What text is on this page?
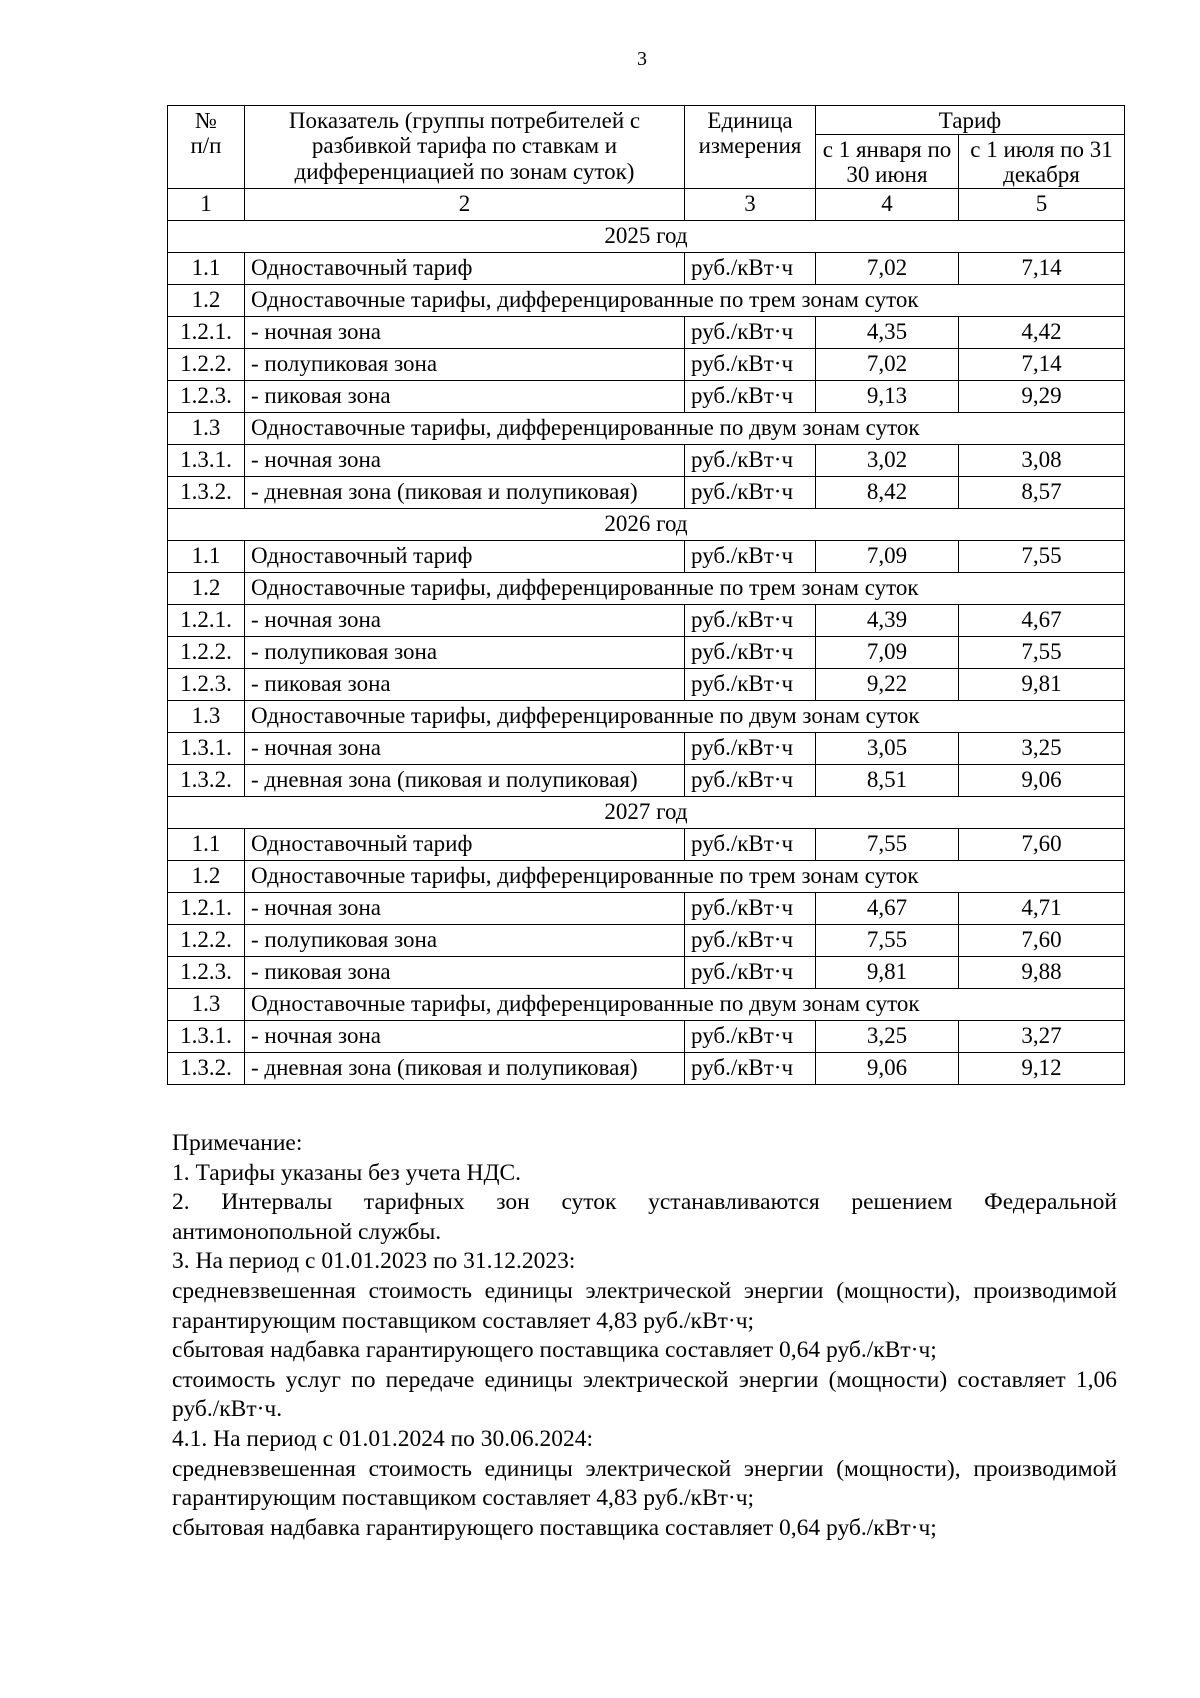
3
№
п/п	Показатель (группы потребителей с разбивкой тарифа по ставкам и дифференциацией по зонам суток)	Единица измерения	Тариф	
			с 1 января по 30 июня	с 1 июля по 31 декабря
1	2	3	4	5
2025 год				
1.1	Одноставочный тариф	руб./кВт·ч	7,02	7,14
1.2	Одноставочные тарифы, дифференцированные по трем зонам суток			
1.2.1.	- ночная зона	руб./кВт·ч	4,35	4,42
1.2.2.	- полупиковая зона	руб./кВт·ч	7,02	7,14
1.2.3.	- пиковая зона	руб./кВт·ч	9,13	9,29
1.3	Одноставочные тарифы, дифференцированные по двум зонам суток			
1.3.1.	- ночная зона	руб./кВт·ч	3,02	3,08
1.3.2.	- дневная зона (пиковая и полупиковая)	руб./кВт·ч	8,42	8,57
2026 год				
1.1	Одноставочный тариф	руб./кВт·ч	7,09	7,55
1.2	Одноставочные тарифы, дифференцированные по трем зонам суток			
1.2.1.	- ночная зона	руб./кВт·ч	4,39	4,67
1.2.2.	- полупиковая зона	руб./кВт·ч	7,09	7,55
1.2.3.	- пиковая зона	руб./кВт·ч	9,22	9,81
1.3	Одноставочные тарифы, дифференцированные по двум зонам суток			
1.3.1.	- ночная зона	руб./кВт·ч	3,05	3,25
1.3.2.	- дневная зона (пиковая и полупиковая)	руб./кВт·ч	8,51	9,06
2027 год				
1.1	Одноставочный тариф	руб./кВт·ч	7,55	7,60
1.2	Одноставочные тарифы, дифференцированные по трем зонам суток			
1.2.1.	- ночная зона	руб./кВт·ч	4,67	4,71
1.2.2.	- полупиковая зона	руб./кВт·ч	7,55	7,60
1.2.3.	- пиковая зона	руб./кВт·ч	9,81	9,88
1.3	Одноставочные тарифы, дифференцированные по двум зонам суток			
1.3.1.	- ночная зона	руб./кВт·ч	3,25	3,27
1.3.2.	- дневная зона (пиковая и полупиковая)	руб./кВт·ч	9,06	9,12

Примечание:

1. Тарифы указаны без учета НДС.

2. Интервалы тарифных зон суток устанавливаются решением Федеральной антимонопольной службы.

3. На период с 01.01.2023 по 31.12.2023:

средневзвешенная стоимость единицы электрической энергии (мощности), производимой гарантирующим поставщиком составляет 4,83 руб./кВт·ч;

сбытовая надбавка гарантирующего поставщика составляет 0,64 руб./кВт·ч;

стоимость услуг по передаче единицы электрической энергии (мощности) составляет 1,06 руб./кВт·ч.

4.1. На период с 01.01.2024 по 30.06.2024:

средневзвешенная стоимость единицы электрической энергии (мощности), производимой гарантирующим поставщиком составляет 4,83 руб./кВт·ч;

сбытовая надбавка гарантирующего поставщика составляет 0,64 руб./кВт·ч;
